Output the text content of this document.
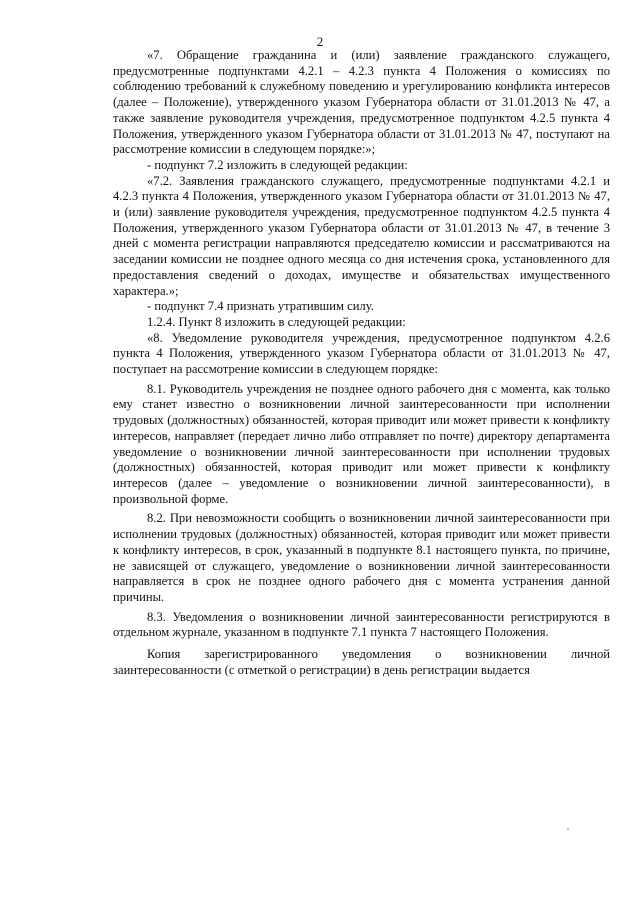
2

«7. Обращение гражданина и (или) заявление гражданского служащего, предусмотренные подпунктами 4.2.1 – 4.2.3 пункта 4 Положения о комиссиях по соблюдению требований к служебному поведению и урегулированию конфликта интересов (далее – Положение), утвержденного указом Губернатора области от 31.01.2013 № 47, а также заявление руководителя учреждения, предусмотренное подпунктом 4.2.5 пункта 4 Положения, утвержденного указом Губернатора области от 31.01.2013 № 47, поступают на рассмотрение комиссии в следующем порядке:»;

- подпункт 7.2 изложить в следующей редакции:

«7.2. Заявления гражданского служащего, предусмотренные подпунктами 4.2.1 и 4.2.3 пункта 4 Положения, утвержденного указом Губернатора области от 31.01.2013 № 47, и (или) заявление руководителя учреждения, предусмотренное подпунктом 4.2.5 пункта 4 Положения, утвержденного указом Губернатора области от 31.01.2013 № 47, в течение 3 дней с момента регистрации направляются председателю комиссии и рассматриваются на заседании комиссии не позднее одного месяца со дня истечения срока, установленного для предоставления сведений о доходах, имуществе и обязательствах имущественного характера.»;

- подпункт 7.4 признать утратившим силу.

1.2.4. Пункт 8 изложить в следующей редакции:

«8. Уведомление руководителя учреждения, предусмотренное подпунктом 4.2.6 пункта 4 Положения, утвержденного указом Губернатора области от 31.01.2013 № 47, поступает на рассмотрение комиссии в следующем порядке:

8.1. Руководитель учреждения не позднее одного рабочего дня с момента, как только ему станет известно о возникновении личной заинтересованности при исполнении трудовых (должностных) обязанностей, которая приводит или может привести к конфликту интересов, направляет (передает лично либо отправляет по почте) директору департамента уведомление о возникновении личной заинтересованности при исполнении трудовых (должностных) обязанностей, которая приводит или может привести к конфликту интересов (далее – уведомление о возникновении личной заинтересованности), в произвольной форме.

8.2. При невозможности сообщить о возникновении личной заинтересованности при исполнении трудовых (должностных) обязанностей, которая приводит или может привести к конфликту интересов, в срок, указанный в подпункте 8.1 настоящего пункта, по причине, не зависящей от служащего, уведомление о возникновении личной заинтересованности направляется в срок не позднее одного рабочего дня с момента устранения данной причины.

8.3. Уведомления о возникновении личной заинтересованности регистрируются в отдельном журнале, указанном в подпункте 7.1 пункта 7 настоящего Положения.

Копия зарегистрированного уведомления о возникновении личной заинтересованности (с отметкой о регистрации) в день регистрации выдается
